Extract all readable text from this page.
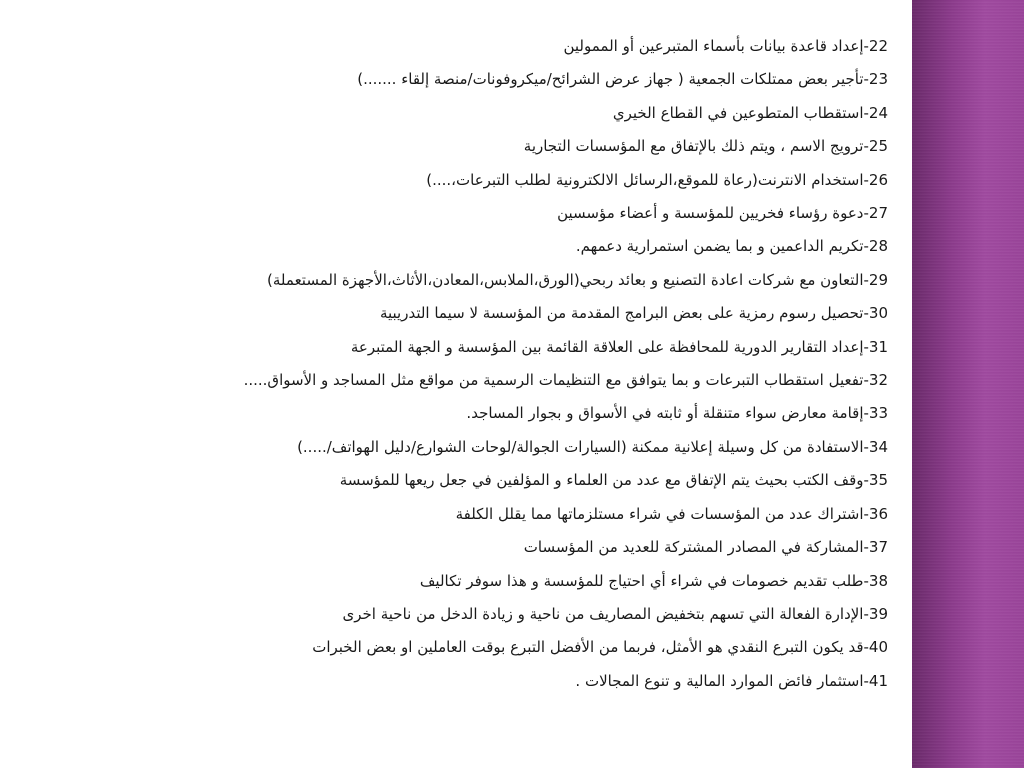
22-إعداد قاعدة بيانات بأسماء المتبرعين أو الممولين
23-تأجير بعض ممتلكات الجمعية ( جهاز عرض الشرائح/ميكروفونات/منصة إلقاء .......)
24-استقطاب المتطوعين في القطاع الخيري
25-ترويج الاسم ، ويتم ذلك بالإتفاق مع المؤسسات التجارية
26-استخدام الانترنت(رعاة للموقع،الرسائل الالكترونية لطلب التبرعات،....)
27-دعوة رؤساء فخريين للمؤسسة و أعضاء مؤسسين
28-تكريم الداعمين و بما يضمن استمرارية دعمهم.
29-التعاون مع شركات اعادة التصنيع و بعائد ربحي(الورق،الملابس،المعادن،الأثاث،الأجهزة المستعملة)
30-تحصيل رسوم رمزية على بعض البرامج المقدمة من المؤسسة لا سيما التدريبية
31-إعداد التقارير الدورية للمحافظة على العلاقة القائمة بين المؤسسة و الجهة المتبرعة
32-تفعيل استقطاب التبرعات و بما يتوافق مع التنظيمات الرسمية من مواقع مثل المساجد و الأسواق.....
33-إقامة معارض سواء متنقلة أو ثابته في الأسواق و بجوار المساجد.
34-الاستفادة من كل وسيلة إعلانية ممكنة (السيارات الجوالة/لوحات الشوارع/دليل الهواتف/.....)
35-وقف الكتب بحيث يتم الإتفاق مع عدد من العلماء و المؤلفين في جعل ريعها للمؤسسة
36-اشتراك عدد من المؤسسات في شراء مستلزماتها مما يقلل الكلفة
37-المشاركة في المصادر المشتركة للعديد من المؤسسات
38-طلب تقديم خصومات في شراء أي احتياج للمؤسسة و هذا سوفر تكاليف
39-الإدارة الفعالة التي تسهم بتخفيض المصاريف من ناحية و زيادة الدخل من ناحية اخرى
40-قد يكون التبرع النقدي هو الأمثل، فربما من الأفضل التبرع بوقت العاملين او بعض الخبرات
41-استثمار فائض الموارد المالية و تنوع المجالات .
